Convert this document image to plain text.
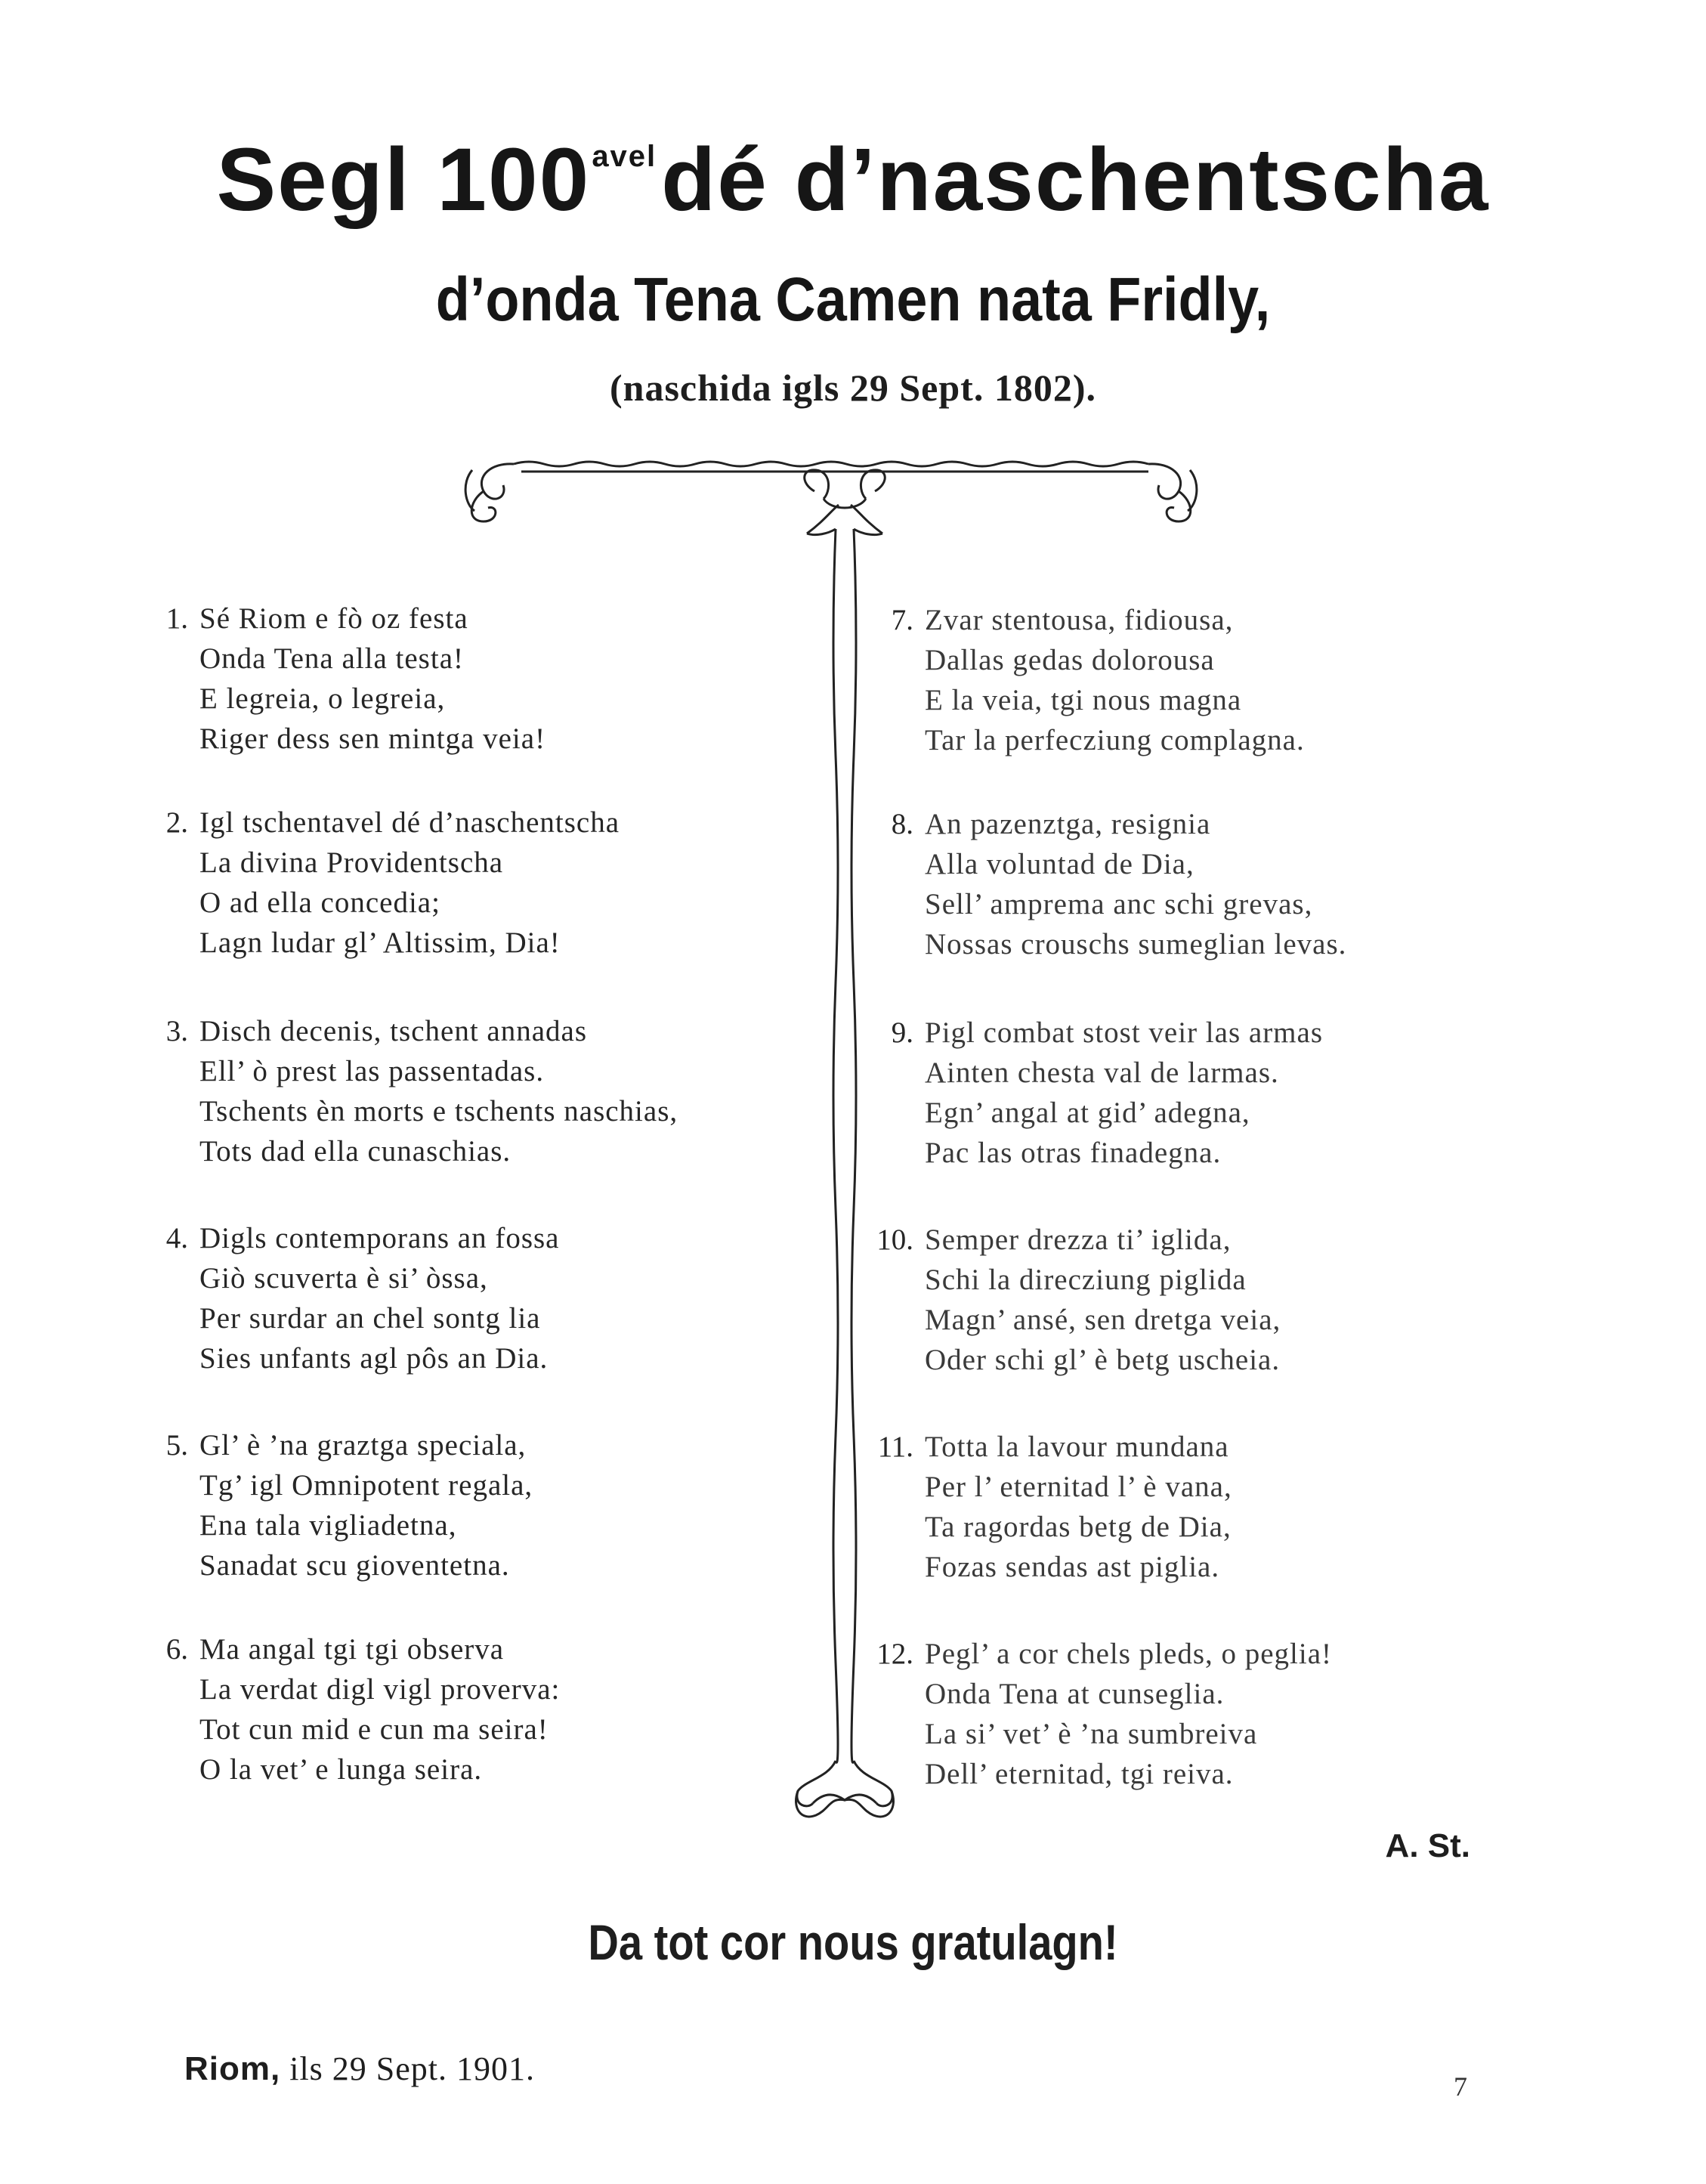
Segl $100^{avel}dé$ d’naschentscha
d’onda Tena Camen nata Fridly,
(naschida igls 29 Sept. 1802).
1. Sé Riom e fò oz festa
Onda Tena alla testa!
E legreia, o legreia,
Riger dess sen mintga veia!
2. Igl tschentavel dé d’naschentscha
La divina Providentscha
O ad ella concedia;
Lagn ludar gl’ Altissim, Dia!
3. Disch decenis, tschent annadas
Ell’ ò prest las passentadas.
Tschents èn morts e tschents naschias,
Tots dad ella cunaschias.
4. Digls contemporans an fossa
Giò scuverta è si’ òssa,
Per surdar an chel sontg lia
Sies unfants agl pôs an Dia.
5. Gl’ è ’na graztga speciala,
Tg’ igl Omnipotent regala,
Ena tala vigliadetna,
Sanadat scu gioventetna.
6. Ma angal tgi tgi observa
La verdat digl vigl proverva:
Tot cun mid e cun ma seira!
O la vet’ e lunga seira.
7. Zvar stentousa, fidiousa,
Dallas gedas dolorousa
E la veia, tgi nous magna
Tar la perfecziung complagna.
8. An pazenztga, resignia
Alla voluntad de Dia,
Sell’ amprema anc schi grevas,
Nossas crouschs sumeglian levas.
9. Pigl combat stost veir las armas
Ainten chesta val de larmas.
Egn’ angal at gid’ adegna,
Pac las otras finadegna.
10. Semper drezza ti’ iglida,
Schi la direcziung piglida
Magn’ ansé, sen dretga veia,
Oder schi gl’ è betg uscheia.
11. Totta la lavour mundana
Per l’ eternitad l’ è vana,
Ta ragordas betg de Dia,
Fozas sendas ast piglia.
12. Pegl’ a cor chels pleds, o peglia!
Onda Tena at cunseglia.
La si’ vet’ è ’na sumbreiva
Dell’ eternitad, tgi reiva.
A. St.
Da tot cor nous gratulagn!
Riom, ils 29 Sept. 1901.	7
